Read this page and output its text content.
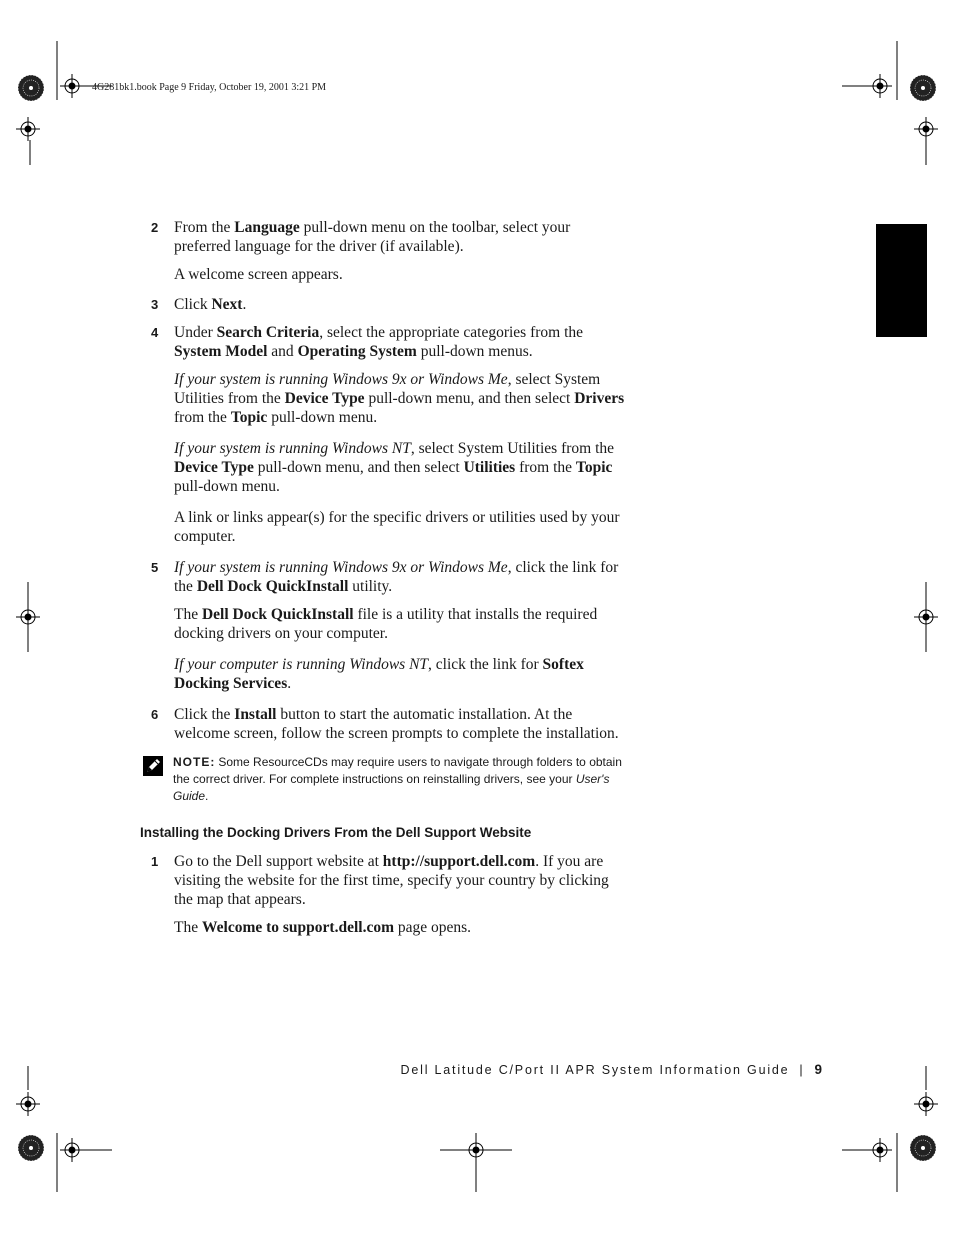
4G281bk1.book Page 9 Friday, October 19, 2001 3:21 PM
2 From the Language pull-down menu on the toolbar, select your preferred language for the driver (if available).

A welcome screen appears.

3 Click Next.

4 Under Search Criteria, select the appropriate categories from the System Model and Operating System pull-down menus.

If your system is running Windows 9x or Windows Me, select System Utilities from the Device Type pull-down menu, and then select Drivers from the Topic pull-down menu.

If your system is running Windows NT, select System Utilities from the Device Type pull-down menu, and then select Utilities from the Topic pull-down menu.

A link or links appear(s) for the specific drivers or utilities used by your computer.

5 If your system is running Windows 9x or Windows Me, click the link for the Dell Dock QuickInstall utility.

The Dell Dock QuickInstall file is a utility that installs the required docking drivers on your computer.

If your computer is running Windows NT, click the link for Softex Docking Services.

6 Click the Install button to start the automatic installation. At the welcome screen, follow the screen prompts to complete the installation.

NOTE: Some ResourceCDs may require users to navigate through folders to obtain the correct driver. For complete instructions on reinstalling drivers, see your User's Guide.
Installing the Docking Drivers From the Dell Support Website
1 Go to the Dell support website at http://support.dell.com. If you are visiting the website for the first time, specify your country by clicking the map that appears.

The Welcome to support.dell.com page opens.

Dell Latitude C/Port II APR System Information Guide | 9
